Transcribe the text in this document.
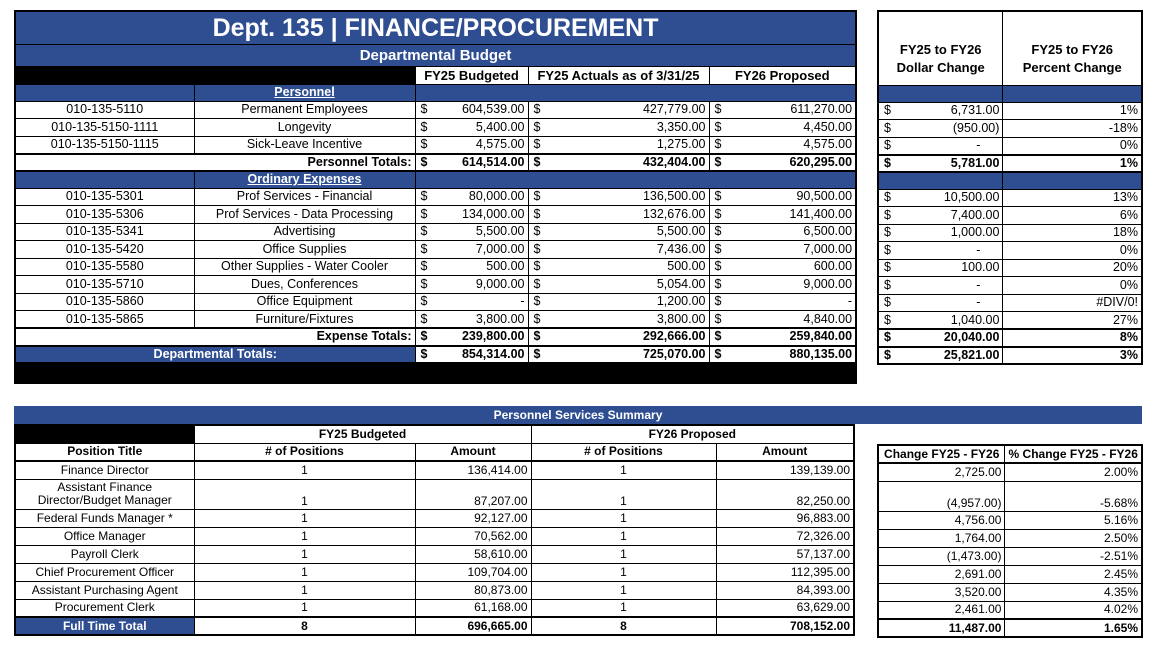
Dept. 135 | FINANCE/PROCUREMENT							
Departmental Budget							
		FY25 Budgeted		FY25 Actuals as of 3/31/25		FY26 Proposed	
	Personnel						
010-135-5110	Permanent Employees	$	604,539.00	$	427,779.00	$	611,270.00
010-135-5150-1111	Longevity	$	5,400.00	$	3,350.00	$	4,450.00
010-135-5150-1115	Sick-Leave Incentive	$	4,575.00	$	1,275.00	$	4,575.00
Personnel Totals:		$	614,514.00	$	432,404.00	$	620,295.00
	Ordinary Expenses						
010-135-5301	Prof Services - Financial	$	80,000.00	$	136,500.00	$	90,500.00
010-135-5306	Prof Services - Data Processing	$	134,000.00	$	132,676.00	$	141,400.00
010-135-5341	Advertising	$	5,500.00	$	5,500.00	$	6,500.00
010-135-5420	Office Supplies	$	7,000.00	$	7,436.00	$	7,000.00
010-135-5580	Other Supplies - Water Cooler	$	500.00	$	500.00	$	600.00
010-135-5710	Dues, Conferences	$	9,000.00	$	5,054.00	$	9,000.00
010-135-5860	Office Equipment	$	-	$	1,200.00	$	-
010-135-5865	Furniture/Fixtures	$	3,800.00	$	3,800.00	$	4,840.00
Expense Totals:		$	239,800.00	$	292,666.00	$	259,840.00
Departmental Totals:		$	854,314.00	$	725,070.00	$	880,135.00

FY25 to FY26 Dollar Change		FY25 to FY26 Percent Change

$	6,731.00	1%
$	(950.00)	-18%
$	-	0%
$	5,781.00	1%

$	10,500.00	13%
$	7,400.00	6%
$	1,000.00	18%
$	-	0%
$	100.00	20%
$	-	0%
$	-	#DIV/0!
$	1,040.00	27%
$	20,040.00	8%
$	25,821.00	3%
Personnel Services Summary
	FY25 Budgeted		FY26 Proposed	
Position Title	# of Positions	Amount	# of Positions	Amount
Finance Director	1	136,414.00	1	139,139.00
Assistant Finance Director/Budget Manager	1	87,207.00	1	82,250.00
Federal Funds Manager *	1	92,127.00	1	96,883.00
Office Manager	1	70,562.00	1	72,326.00
Payroll Clerk	1	58,610.00	1	57,137.00
Chief Procurement Officer	1	109,704.00	1	112,395.00
Assistant Purchasing Agent	1	80,873.00	1	84,393.00
Procurement Clerk	1	61,168.00	1	63,629.00
Full Time Total	8	696,665.00	8	708,152.00
Change FY25 - FY26	% Change FY25 - FY26
2,725.00	2.00%
(4,957.00)	-5.68%
4,756.00	5.16%
1,764.00	2.50%
(1,473.00)	-2.51%
2,691.00	2.45%
3,520.00	4.35%
2,461.00	4.02%
11,487.00	1.65%
